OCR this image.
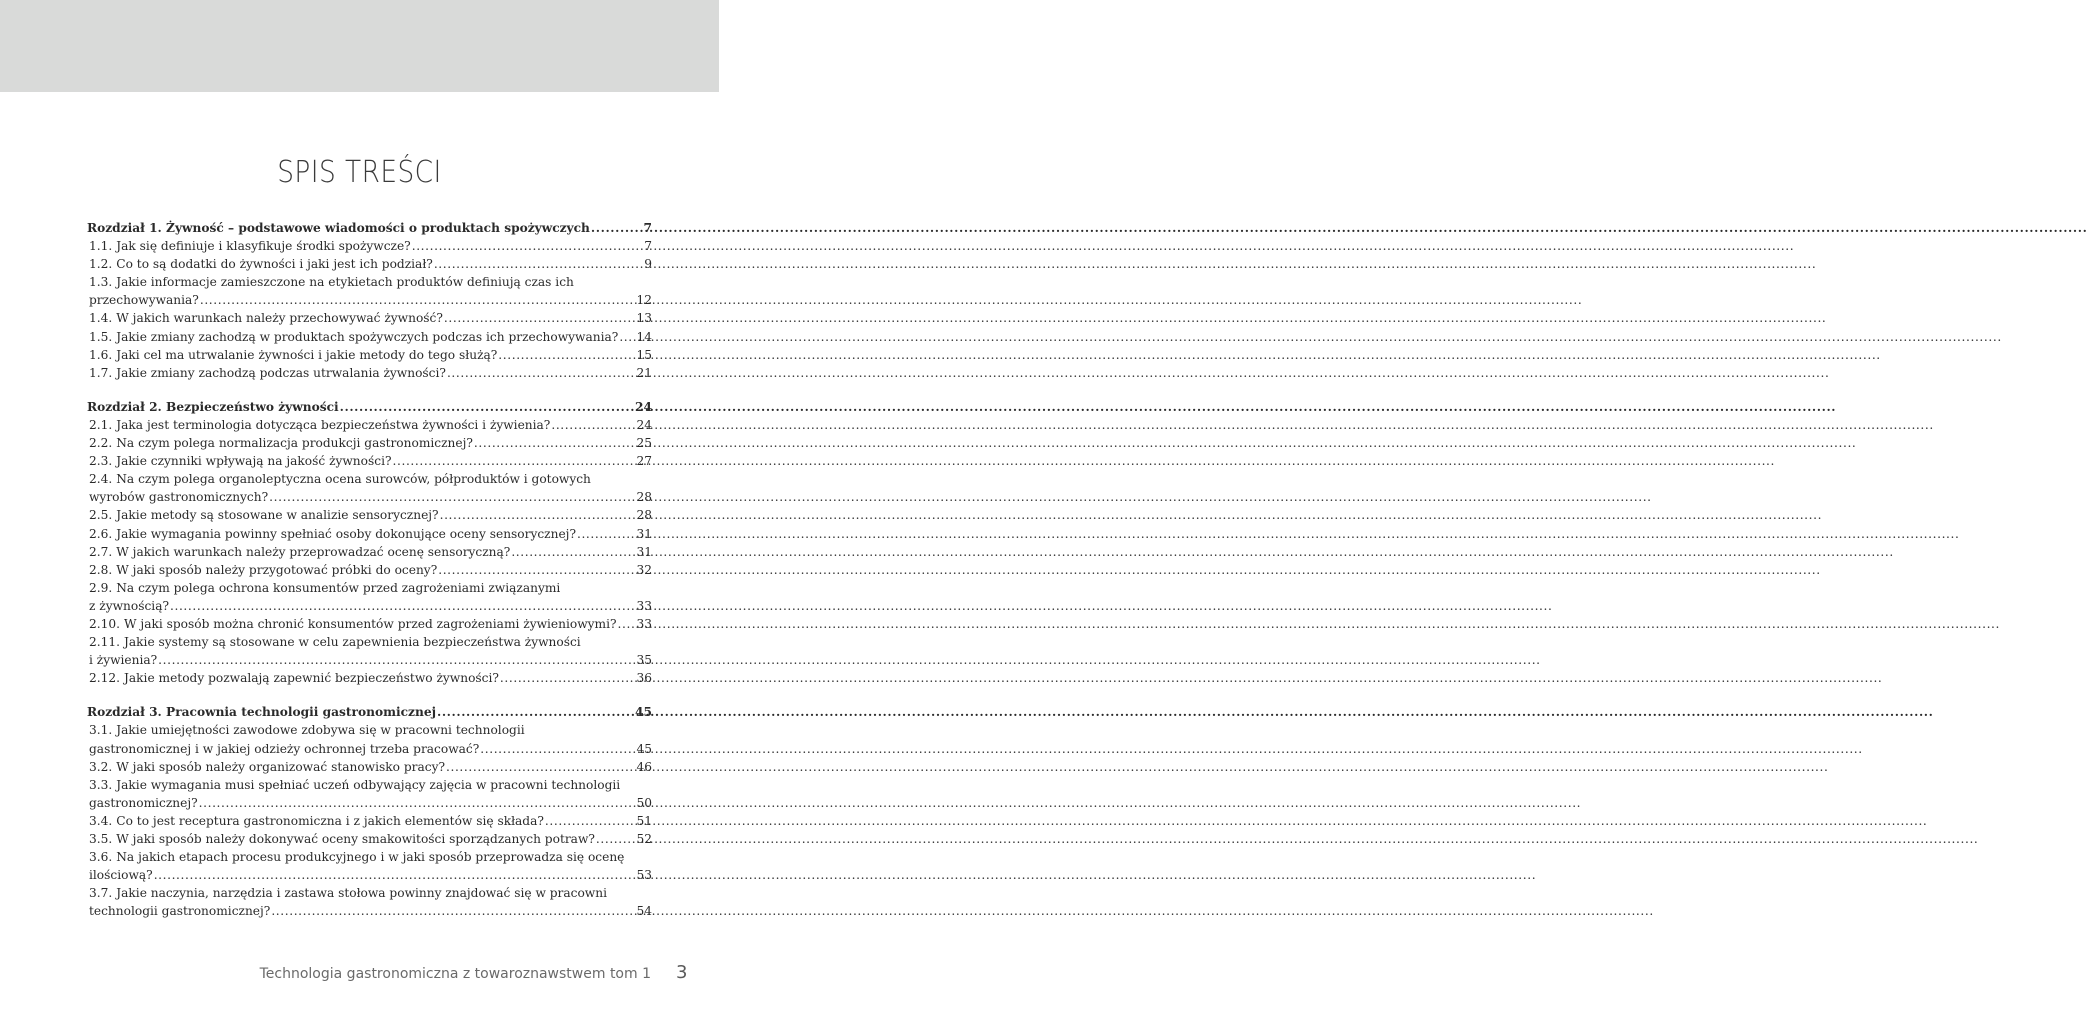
SPIS TREŚCI
Rozdział 1. Żywność – podstawowe wiadomości o produktach spożywczych .....	7
1.1. Jak się definiuje i klasyfikuje środki spożywcze? .....	7
1.2. Co to są dodatki do żywności i jaki jest ich podział? .....	9
1.3. Jakie informacje zamieszczone na etykietach produktów definiują czas ich
przechowywania? .....	12
1.4. W jakich warunkach należy przechowywać żywność? .....	13
1.5. Jakie zmiany zachodzą w produktach spożywczych podczas ich przechowywania? ..... 14
1.6. Jaki cel ma utrwalanie żywności i jakie metody do tego służą? .....	15
1.7. Jakie zmiany zachodzą podczas utrwalania żywności? .....	21
Rozdział 2. Bezpieczeństwo żywności .....	24
2.1. Jaka jest terminologia dotycząca bezpieczeństwa żywności i żywienia? .....	24
2.2. Na czym polega normalizacja produkcji gastronomicznej? .....	25
2.3. Jakie czynniki wpływają na jakość żywności? .....	27
2.4. Na czym polega organoleptyczna ocena surowców, półproduktów i gotowych
wyrobów gastronomicznych? .....	28
2.5. Jakie metody są stosowane w analizie sensorycznej? .....	28
2.6. Jakie wymagania powinny spełniać osoby dokonujące oceny sensorycznej? .....	31
2.7. W jakich warunkach należy przeprowadzać ocenę sensoryczną? .....	31
2.8. W jaki sposób należy przygotować próbki do oceny? .....	32
2.9. Na czym polega ochrona konsumentów przed zagrożeniami związanymi
z żywnością? .....	33
2.10. W jaki sposób można chronić konsumentów przed zagrożeniami żywieniowymi? ..... 33
2.11. Jakie systemy są stosowane w celu zapewnienia bezpieczeństwa żywności
i żywienia? .....	35
2.12. Jakie metody pozwalają zapewnić bezpieczeństwo żywności? .....	36
Rozdział 3. Pracownia technologii gastronomicznej .....	45
3.1. Jakie umiejętności zawodowe zdobywa się w pracowni technologii
gastronomicznej i w jakiej odzieży ochronnej trzeba pracować? .....	45
3.2. W jaki sposób należy organizować stanowisko pracy? .....	46
3.3. Jakie wymagania musi spełniać uczeń odbywający zajęcia w pracowni technologii
gastronomicznej? .....	50
3.4. Co to jest receptura gastronomiczna i z jakich elementów się składa? .....	51
3.5. W jaki sposób należy dokonywać oceny smakowitości sporządzanych potraw? .....	52
3.6. Na jakich etapach procesu produkcyjnego i w jaki sposób przeprowadza się ocenę
ilościową? .....	53
3.7. Jakie naczynia, narzędzia i zastawa stołowa powinny znajdować się w pracowni
technologii gastronomicznej? .....	54
Technologia gastronomiczna z towaroznawstwem tom 1 3
